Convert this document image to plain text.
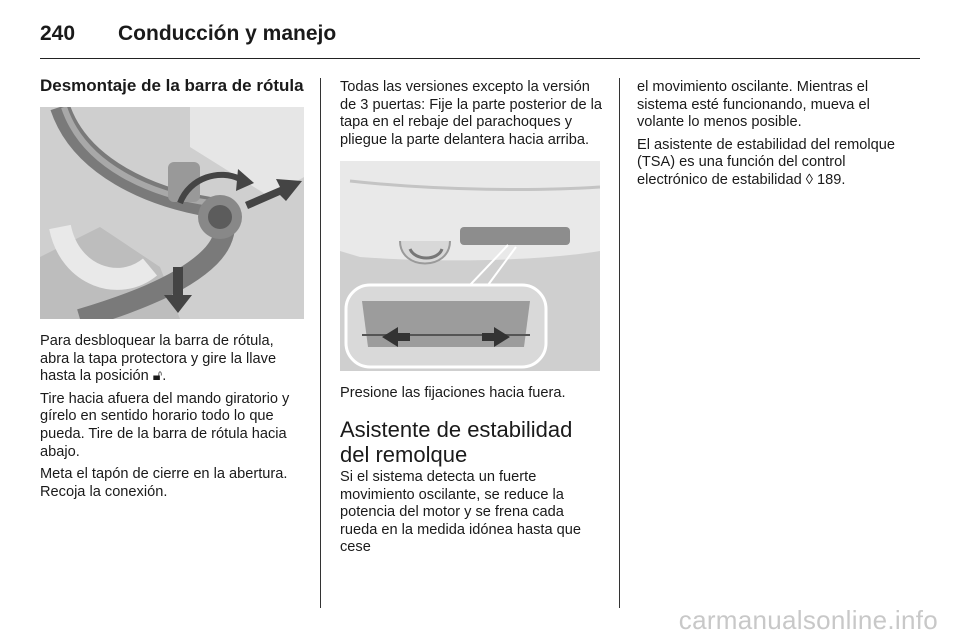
240 Conducción y manejo
Desmontaje de la barra de rótula

Para desbloquear la barra de rótula, abra la tapa protectora y gire la llave hasta la posición 🔓︎.

Tire hacia afuera del mando giratorio y gírelo en sentido horario todo lo que pueda. Tire de la barra de rótula hacia abajo.

Meta el tapón de cierre en la abertura. Recoja la conexión.

Todas las versiones excepto la versión de 3 puertas: Fije la parte posterior de la tapa en el rebaje del parachoques y pliegue la parte delantera hacia arriba.

Presione las fijaciones hacia fuera.

Asistente de estabilidad del remolque

Si el sistema detecta un fuerte movimiento oscilante, se reduce la potencia del motor y se frena cada rueda en la medida idónea hasta que cese

el movimiento oscilante. Mientras el sistema esté funcionando, mueva el volante lo menos posible.

El asistente de estabilidad del remolque (TSA) es una función del control electrónico de estabilidad ◊ 189.

carmanualsonline.info
